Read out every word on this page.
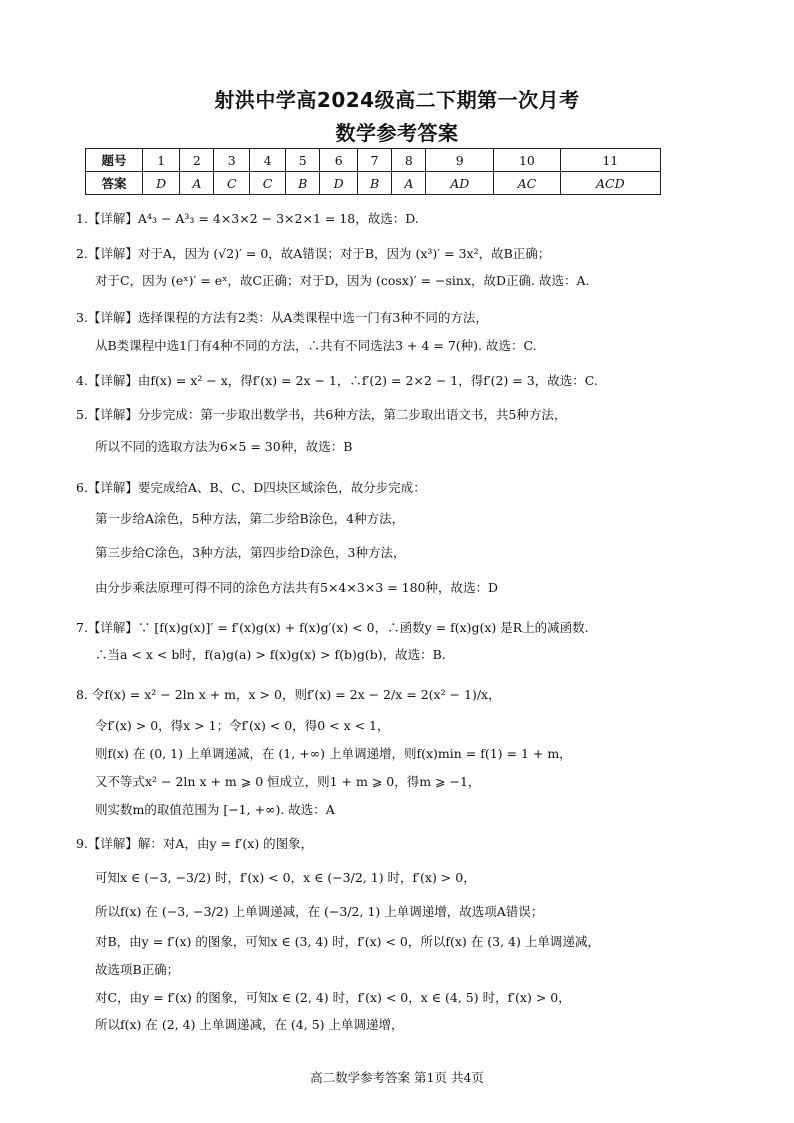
射洪中学高2024级高二下期第一次月考
数学参考答案
题号	1	2	3	4	5	6	7	8	9	10	11
答案	D	A	C	C	B	D	B	A	AD	AC	ACD
1.【详解】A⁴₃ − A³₃ = 4×3×2 − 3×2×1 = 18，故选：D.
2.【详解】对于A，因为 (√2)′ = 0，故A错误；对于B，因为 (x³)′ = 3x²，故B正确；
对于C，因为 (eˣ)′ = eˣ，故C正确；对于D，因为 (cosx)′ = −sinx，故D正确. 故选：A.
3.【详解】选择课程的方法有2类：从A类课程中选一门有3种不同的方法，
从B类课程中选1门有4种不同的方法，∴共有不同选法3 + 4 = 7(种). 故选：C.
4.【详解】由f(x) = x² − x，得f′(x) = 2x − 1，∴f′(2) = 2×2 − 1，得f′(2) = 3，故选：C.
5.【详解】分步完成：第一步取出数学书，共6种方法，第二步取出语文书，共5种方法，
所以不同的选取方法为6×5 = 30种，故选：B
6.【详解】要完成给A、B、C、D四块区域涂色，故分步完成：
第一步给A涂色，5种方法，第二步给B涂色，4种方法，
第三步给C涂色，3种方法，第四步给D涂色，3种方法，
由分步乘法原理可得不同的涂色方法共有5×4×3×3 = 180种，故选：D
7.【详解】∵ [f(x)g(x)]′ = f′(x)g(x) + f(x)g′(x) < 0，∴函数y = f(x)g(x) 是R上的减函数.
∴当a < x < b时，f(a)g(a) > f(x)g(x) > f(b)g(b)，故选：B.
8. 令f(x) = x² − 2ln x + m，x > 0，则f′(x) = 2x − 2/x = 2(x² − 1)/x，
令f′(x) > 0，得x > 1；令f′(x) < 0，得0 < x < 1，
则f(x) 在 (0, 1) 上单调递减，在 (1, +∞) 上单调递增，则f(x)min = f(1) = 1 + m，
又不等式x² − 2ln x + m ⩾ 0 恒成立，则1 + m ⩾ 0，得m ⩾ −1，
则实数m的取值范围为 [−1, +∞). 故选：A
9.【详解】解：对A，由y = f′(x) 的图象，
可知x ∈ (−3, −3/2) 时，f′(x) < 0，x ∈ (−3/2, 1) 时，f′(x) > 0，
所以f(x) 在 (−3, −3/2) 上单调递减，在 (−3/2, 1) 上单调递增，故选项A错误；
对B，由y = f′(x) 的图象，可知x ∈ (3, 4) 时，f′(x) < 0，所以f(x) 在 (3, 4) 上单调递减，
故选项B正确；
对C，由y = f′(x) 的图象，可知x ∈ (2, 4) 时，f′(x) < 0，x ∈ (4, 5) 时，f′(x) > 0，
所以f(x) 在 (2, 4) 上单调递减，在 (4, 5) 上单调递增，
高二数学参考答案 第1页 共4页
